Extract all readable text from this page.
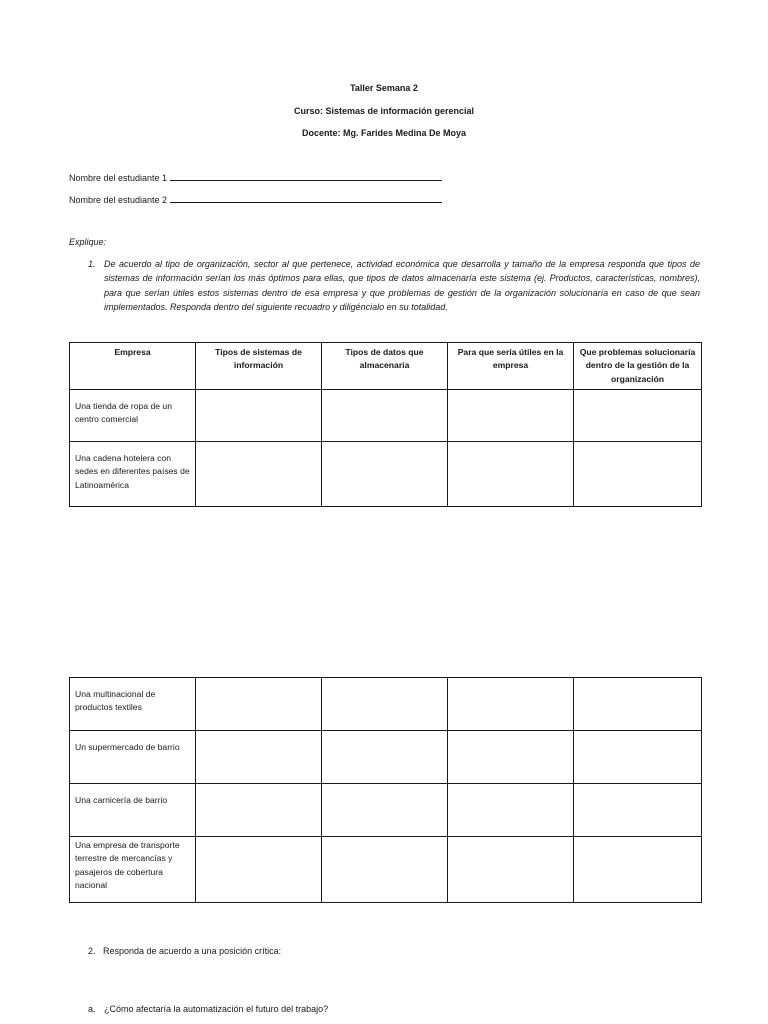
Taller Semana 2
Curso: Sistemas de información gerencial
Docente: Mg. Farides Medina De Moya
Nombre del estudiante 1
Nombre del estudiante 2
Explique:
1. De acuerdo al tipo de organización, sector al que pertenece, actividad económica que desarrolla y tamaño de la empresa responda que tipos de sistemas de información serían los más óptimos para ellas, que tipos de datos almacenaría este sistema (ej. Productos, características, nombres), para que serían útiles estos sistemas dentro de esa empresa y que problemas de gestión de la organización solucionaría en caso de que sean implementados. Responda dentro del siguiente recuadro y diligéncialo en su totalidad.
Empresa	Tipos de sistemas de información	Tipos de datos que almacenaría	Para que sería útiles en la empresa	Que problemas solucionaría dentro de la gestión de la organización
Una tienda de ropa de un centro comercial				
Una cadena hotelera con sedes en diferentes países de Latinoamérica				
Una multinacional de productos textiles				
Un supermercado de barrio				
Una carnicería de barrio				
Una empresa de transporte terrestre de mercancías y pasajeros de cobertura nacional				
2.   Responda de acuerdo a una posición crítica:
a. ¿Cómo afectaría la automatización el futuro del trabajo?
